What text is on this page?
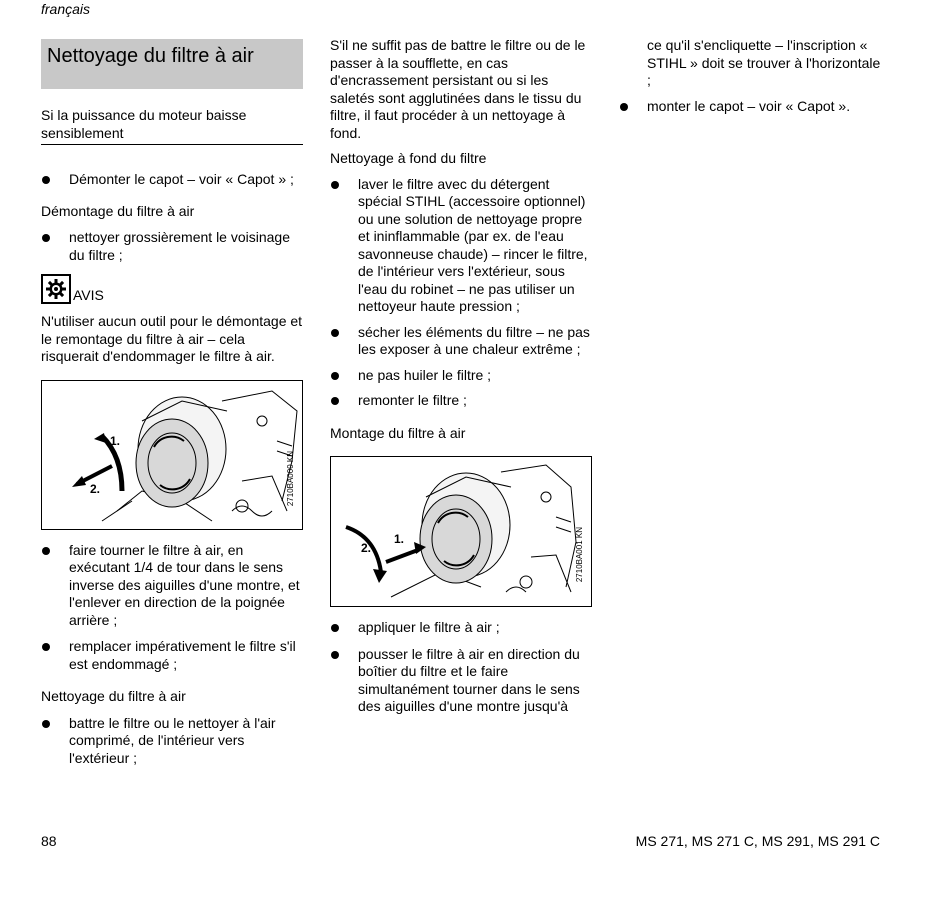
français
Nettoyage du filtre à air

Si la puissance du moteur baisse sensiblement

Démonter le capot – voir « Capot » ;

Démontage du filtre à air

nettoyer grossièrement le voisinage du filtre ;

AVIS

N'utiliser aucun outil pour le démontage et le remontage du filtre à air – cela risquerait d'endommager le filtre à air.

1.
2.	2710BA000 KN

faire tourner le filtre à air, en exécutant 1/4 de tour dans le sens inverse des aiguilles d'une montre, et l'enlever en direction de la poignée arrière ;

remplacer impérativement le filtre s'il est endommagé ;

Nettoyage du filtre à air

battre le filtre ou le nettoyer à l'air comprimé, de l'intérieur vers l'extérieur ;

S'il ne suffit pas de battre le filtre ou de le passer à la soufflette, en cas d'encrassement persistant ou si les saletés sont agglutinées dans le tissu du filtre, il faut procéder à un nettoyage à fond.

Nettoyage à fond du filtre

laver le filtre avec du détergent spécial STIHL (accessoire optionnel) ou une solution de nettoyage propre et ininflammable (par ex. de l'eau savonneuse chaude) – rincer le filtre, de l'intérieur vers l'extérieur, sous l'eau du robinet – ne pas utiliser un nettoyeur haute pression ;

sécher les éléments du filtre – ne pas les exposer à une chaleur extrême ;

ne pas huiler le filtre ;

remonter le filtre ;

Montage du filtre à air

1.
2.	2710BA001 KN

appliquer le filtre à air ;

pousser le filtre à air en direction du boîtier du filtre et le faire simultanément tourner dans le sens des aiguilles d'une montre jusqu'à

ce qu'il s'encliquette – l'inscription « STIHL » doit se trouver à l'horizontale ;

monter le capot – voir « Capot ».

88	MS 271, MS 271 C, MS 291, MS 291 C
